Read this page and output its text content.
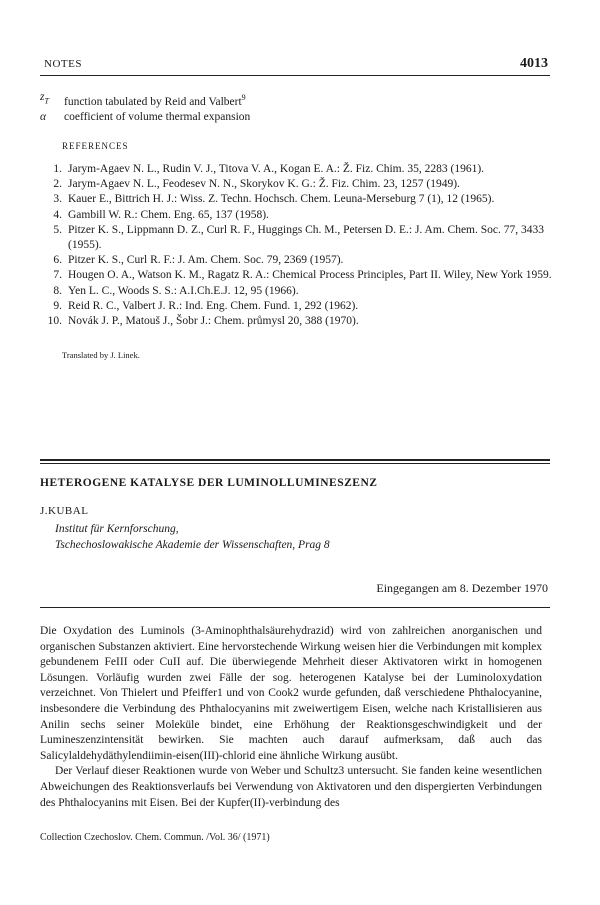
NOTES	4013
$z_T$	function tabulated by Reid and Valbert$^9$
α	coefficient of volume thermal expansion
REFERENCES
1. Jarym-Agaev N. L., Rudin V. J., Titova V. A., Kogan E. A.: Ž. Fiz. Chim. 35, 2283 (1961).
2. Jarym-Agaev N. L., Feodesev N. N., Skorykov K. G.: Ž. Fiz. Chim. 23, 1257 (1949).
3. Kauer E., Bittrich H. J.: Wiss. Z. Techn. Hochsch. Chem. Leuna-Merseburg 7 (1), 12 (1965).
4. Gambill W. R.: Chem. Eng. 65, 137 (1958).
5. Pitzer K. S., Lippmann D. Z., Curl R. F., Huggings Ch. M., Petersen D. E.: J. Am. Chem. Soc. 77, 3433 (1955).
6. Pitzer K. S., Curl R. F.: J. Am. Chem. Soc. 79, 2369 (1957).
7. Hougen O. A., Watson K. M., Ragatz R. A.: Chemical Process Principles, Part II. Wiley, New York 1959.
8. Yen L. C., Woods S. S.: A.I.Ch.E.J. 12, 95 (1966).
9. Reid R. C., Valbert J. R.: Ind. Eng. Chem. Fund. 1, 292 (1962).
10. Novák J. P., Matouš J., Šobr J.: Chem. průmysl 20, 388 (1970).
Translated by J. Linek.
HETEROGENE KATALYSE DER LUMINOLLUMINESZENZ
J.KUBAL
Institut für Kernforschung,
Tschechoslowakische Akademie der Wissenschaften, Prag 8
Eingegangen am 8. Dezember 1970

Die Oxydation des Luminols (3-Aminophthalsäurehydrazid) wird von zahlreichen anorganischen und organischen Substanzen aktiviert. Eine hervorstechende Wirkung weisen hier die Verbindungen mit komplex gebundenem FeIII oder CuII auf. Die überwiegende Mehrheit dieser Aktivatoren wirkt in homogenen Lösungen. Vorläufig wurden zwei Fälle der sog. heterogenen Katalyse bei der Luminoloxydation verzeichnet. Von Thielert und Pfeiffer1 und von Cook2 wurde gefunden, daß verschiedene Phthalocyanine, insbesondere die Verbindung des Phthalocyanins mit zweiwertigem Eisen, welche nach Kristallisieren aus Anilin sechs seiner Moleküle bindet, eine Erhöhung der Reaktionsgeschwindigkeit und der Lumineszenzintensität bewirken. Sie machten auch darauf aufmerksam, daß auch das Salicylaldehydäthylendiimin-eisen(III)-chlorid eine ähnliche Wirkung ausübt.

Der Verlauf dieser Reaktionen wurde von Weber und Schultz3 untersucht. Sie fanden keine wesentlichen Abweichungen des Reaktionsverlaufs bei Verwendung von Aktivatoren und den dispergierten Verbindungen des Phthalocyanins mit Eisen. Bei der Kupfer(II)-verbindung des

Collection Czechoslov. Chem. Commun. /Vol. 36/ (1971)
